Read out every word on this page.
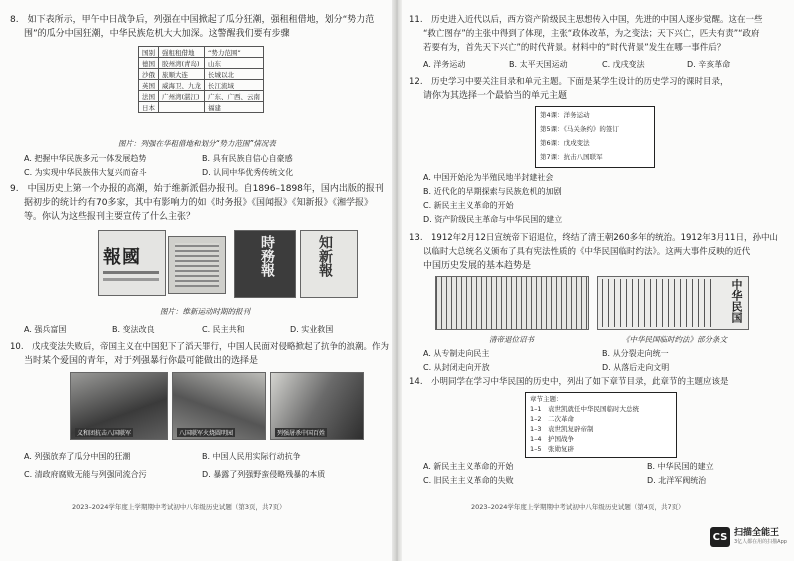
8.　如下表所示，甲午中日战争后，列强在中国掀起了瓜分狂潮，强租租借地，划分“势力范
围”的瓜分中国狂潮，中华民族危机大大加深。这警醒我们要有步骤
国别	强租租借地	“势力范围”
德国	胶州湾(青岛)	山东
沙俄	旅顺大连	长城以北
英国	威海卫、九龙	长江流域
法国	广州湾(湛江)	广东、广西、云南
日本		福建
图片：列强在华租借地和划分“势力范围”情况表
A. 把握中华民族多元一体发展趋势	B. 具有民族自信心自豪感
C. 为实现中华民族伟大复兴而奋斗	D. 认同中华优秀传统文化
9.　中国历史上第一个办报的高潮，始于维新派倡办报刊。自1896–1898年，国内出版的报刊
据初步的统计约有70多家，其中有影响力的如《时务报》《国闻报》《知新报》《湘学报》
等。你认为这些报刊主要宣传了什么主张？
報國	時務報	知新報
图片：维新运动时期的报刊
A. 强兵富国	B. 变法改良	C. 民主共和	D. 实业救国
10.　戊戌变法失败后，帝国主义在中国犯下了滔天罪行，中国人民面对侵略掀起了抗争的浪潮。作为
当时某个爱国的青年，对于列强暴行你最可能做出的选择是
义和团抗击八国联军	八国联军火烧圆明园	列强屠杀中国百姓
A. 列强放弃了瓜分中国的狂潮	B. 中国人民用实际行动抗争
C. 清政府腐败无能与列强同流合污	D. 暴露了列强野蛮侵略残暴的本质
2023–2024学年度上学期期中考试初中八年级历史试题（第3页，共7页）
11.　历史进入近代以后，西方资产阶级民主思想传入中国，先进的中国人逐步觉醒。这在一些
“救亡图存”的主张中得到了体现，主张“政体改革，为之变法；天下兴亡，匹夫有责”“政府
若要有为，首先天下兴亡”的时代背景。材料中的“时代背景”发生在哪一事件后？
A. 洋务运动	B. 太平天国运动	C. 戊戌变法	D. 辛亥革命
12.　历史学习中要关注目录和单元主题。下面是某学生设计的历史学习的课时目录，
请你为其选择一个最恰当的单元主题
第4课：洋务运动
第5课：《马关条约》的签订
第6课：戊戌变法
第7课：抗击八国联军
A. 中国开始沦为半殖民地半封建社会
B. 近代化的早期探索与民族危机的加剧
C. 新民主主义革命的开始
D. 资产阶级民主革命与中华民国的建立
13.　1912年2月12日宣统帝下诏退位，终结了清王朝260多年的统治。1912年3月11日，孙中山
以临时大总统名义颁布了具有宪法性质的《中华民国临时约法》。这两大事件反映的近代
中国历史发展的基本趋势是
中华民国
清帝退位诏书	《中华民国临时约法》部分条文
A. 从专制走向民主	B. 从分裂走向统一
C. 从封闭走向开放	D. 从落后走向文明
14.　小明同学在学习中华民国的历史中，列出了如下章节目录，此章节的主题应该是
章节主题：
1–1　袁世凯就任中华民国临时大总统
1–2　二次革命
1–3　袁世凯复辟帝制
1–4　护国战争
1–5　张勋复辟
A. 新民主主义革命的开始	B. 中华民国的建立
C. 旧民主主义革命的失败	D. 北洋军阀统治
2023–2024学年度上学期期中考试初中八年级历史试题（第4页，共7页）
CS 扫描全能王
3亿人都在用的扫描App
